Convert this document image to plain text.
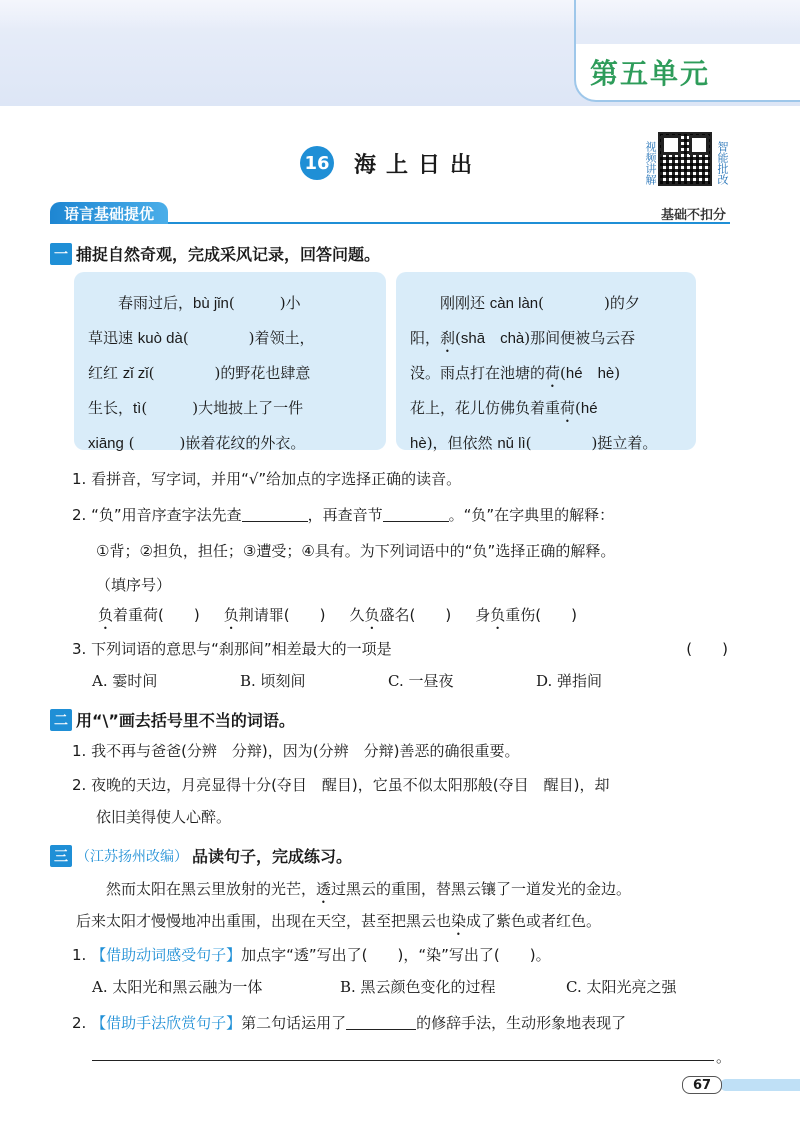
第五单元
16 海上日出	视频讲解	智能批改
语言基础提优	基础不扣分
一 捕捉自然奇观，完成采风记录，回答问题。

春雨过后，bù jǐn(　　　)小

草迅速 kuò dà(　　　　)着领土，

红红 zǐ zǐ(　　　　)的野花也肆意

生长，tì(　　　)大地披上了一件

xiāng (　　　)嵌着花纹的外衣。

刚刚还 càn làn(　　　　)的夕

阳，刹(shā　chà)那间便被乌云吞

没。雨点打在池塘的荷(hé　hè)

花上，花儿仿佛负着重荷(hé

hè)，但依然 nǔ lì(　　　　)挺立着。

1. 看拼音，写字词，并用“√”给加点的字选择正确的读音。
2. “负”用音序查字法先查	，再查音节	。“负”在字典里的解释：
①背；②担负，担任；③遭受；④具有。为下列词语中的“负”选择正确的解释。
（填序号）
负着重荷(　　) 负荆请罪(　　) 久负盛名(　　) 身负重伤(　　)
3. 下列词语的意思与“刹那间”相差最大的一项是	(　　)
A. 霎时间	B. 顷刻间	C. 一昼夜	D. 弹指间
二 用“\”画去括号里不当的词语。
1. 我不再与爸爸(分辨　分辩)，因为(分辨　分辩)善恶的确很重要。
2. 夜晚的天边，月亮显得十分(夺目　醒目)，它虽不似太阳那般(夺目　醒目)，却
依旧美得使人心醉。
三 （江苏扬州改编） 品读句子，完成练习。
然而太阳在黑云里放射的光芒，透过黑云的重围，替黑云镶了一道发光的金边。
后来太阳才慢慢地冲出重围，出现在天空，甚至把黑云也染成了紫色或者红色。
1. 【借助动词感受句子】加点字“透”写出了(　　)，“染”写出了(　　)。
A. 太阳光和黑云融为一体	B. 黑云颜色变化的过程	C. 太阳光亮之强
2. 【借助手法欣赏句子】第二句话运用了	的修辞手法，生动形象地表现了
。
67
